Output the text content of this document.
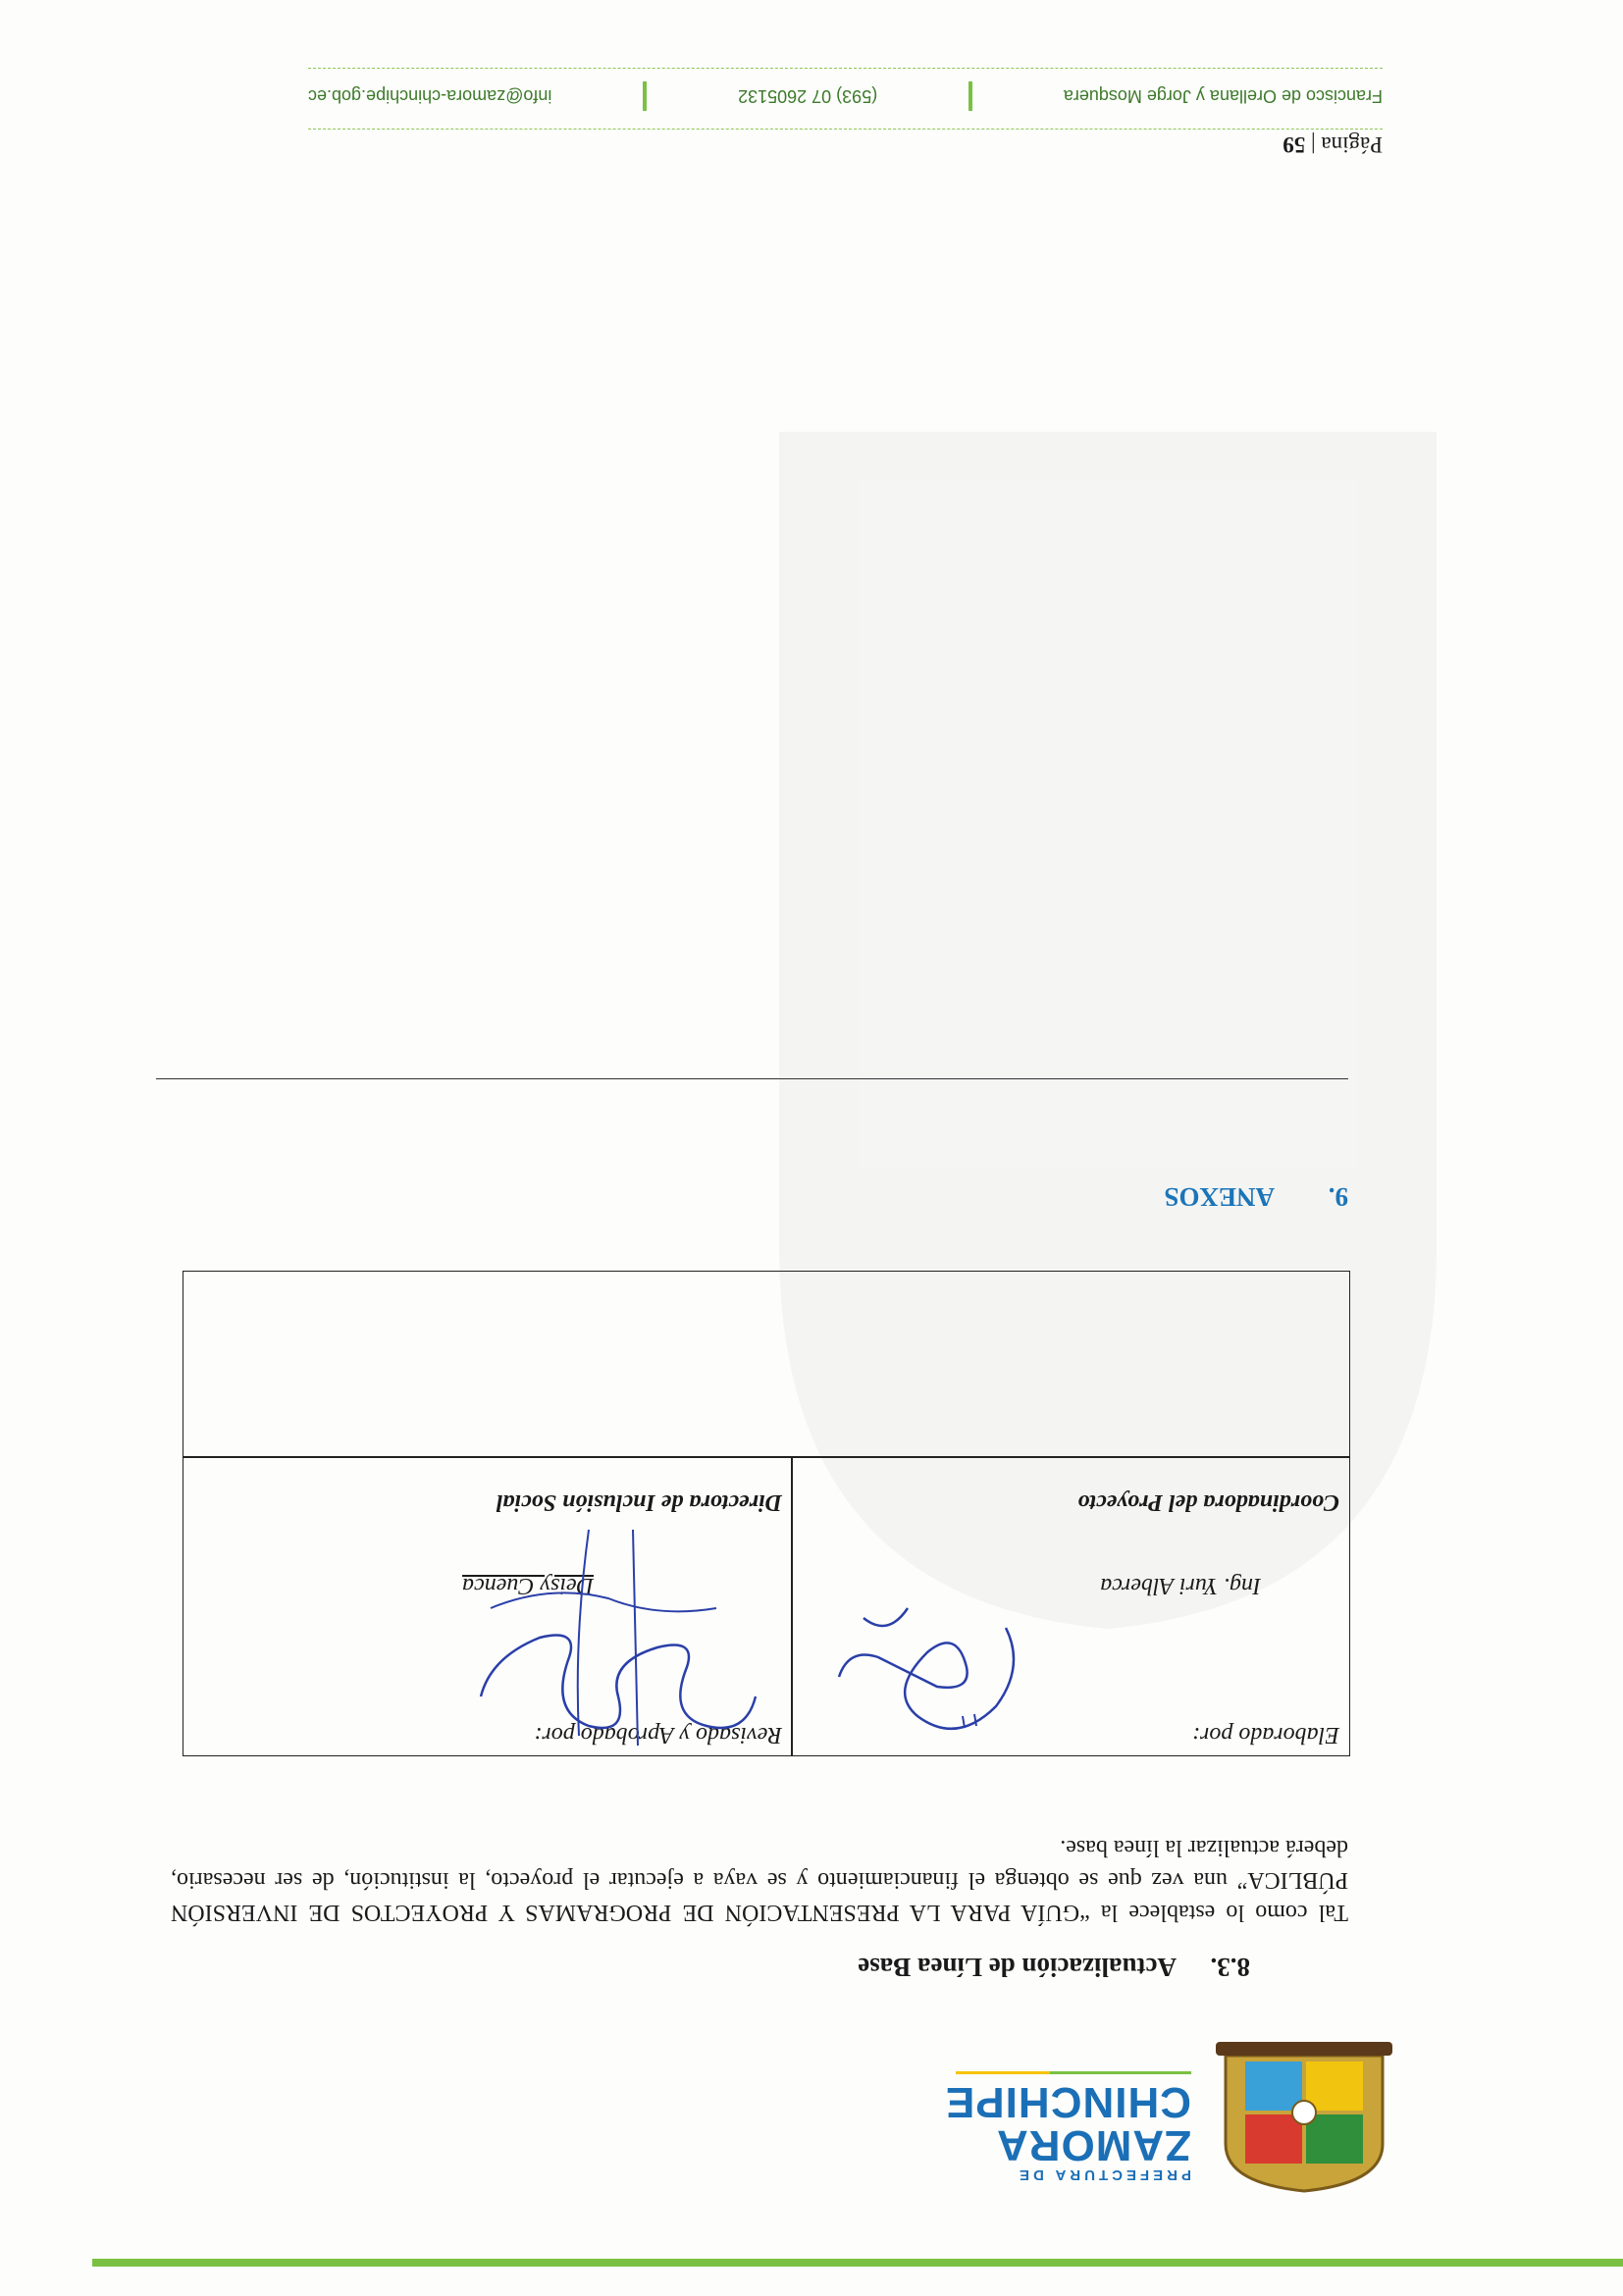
PREFECTURA DE
ZAMORA
CHINCHIPE
8.3.Actualización de Línea Base
Tal como lo establece la “GUÍA PARA LA PRESENTACIÓN DE PROGRAMAS Y PROYECTOS DE INVERSIÓN PÚBLICA” una vez que se obtenga el financiamiento y se vaya a ejecutar el proyecto, la institución, de ser necesario, deberá actualizar la línea base.
Elaborado por:
Ing. Yuri Alberca
Coordinadora del Proyecto
Revisado y Aprobado por:
Deisy Cuenca
Directora de Inclusión Social
9.ANEXOS
Página | 59
Francisco de Orellana y Jorge Mosquera
(593) 07 2605132
info@zamora-chinchipe.gob.ec
